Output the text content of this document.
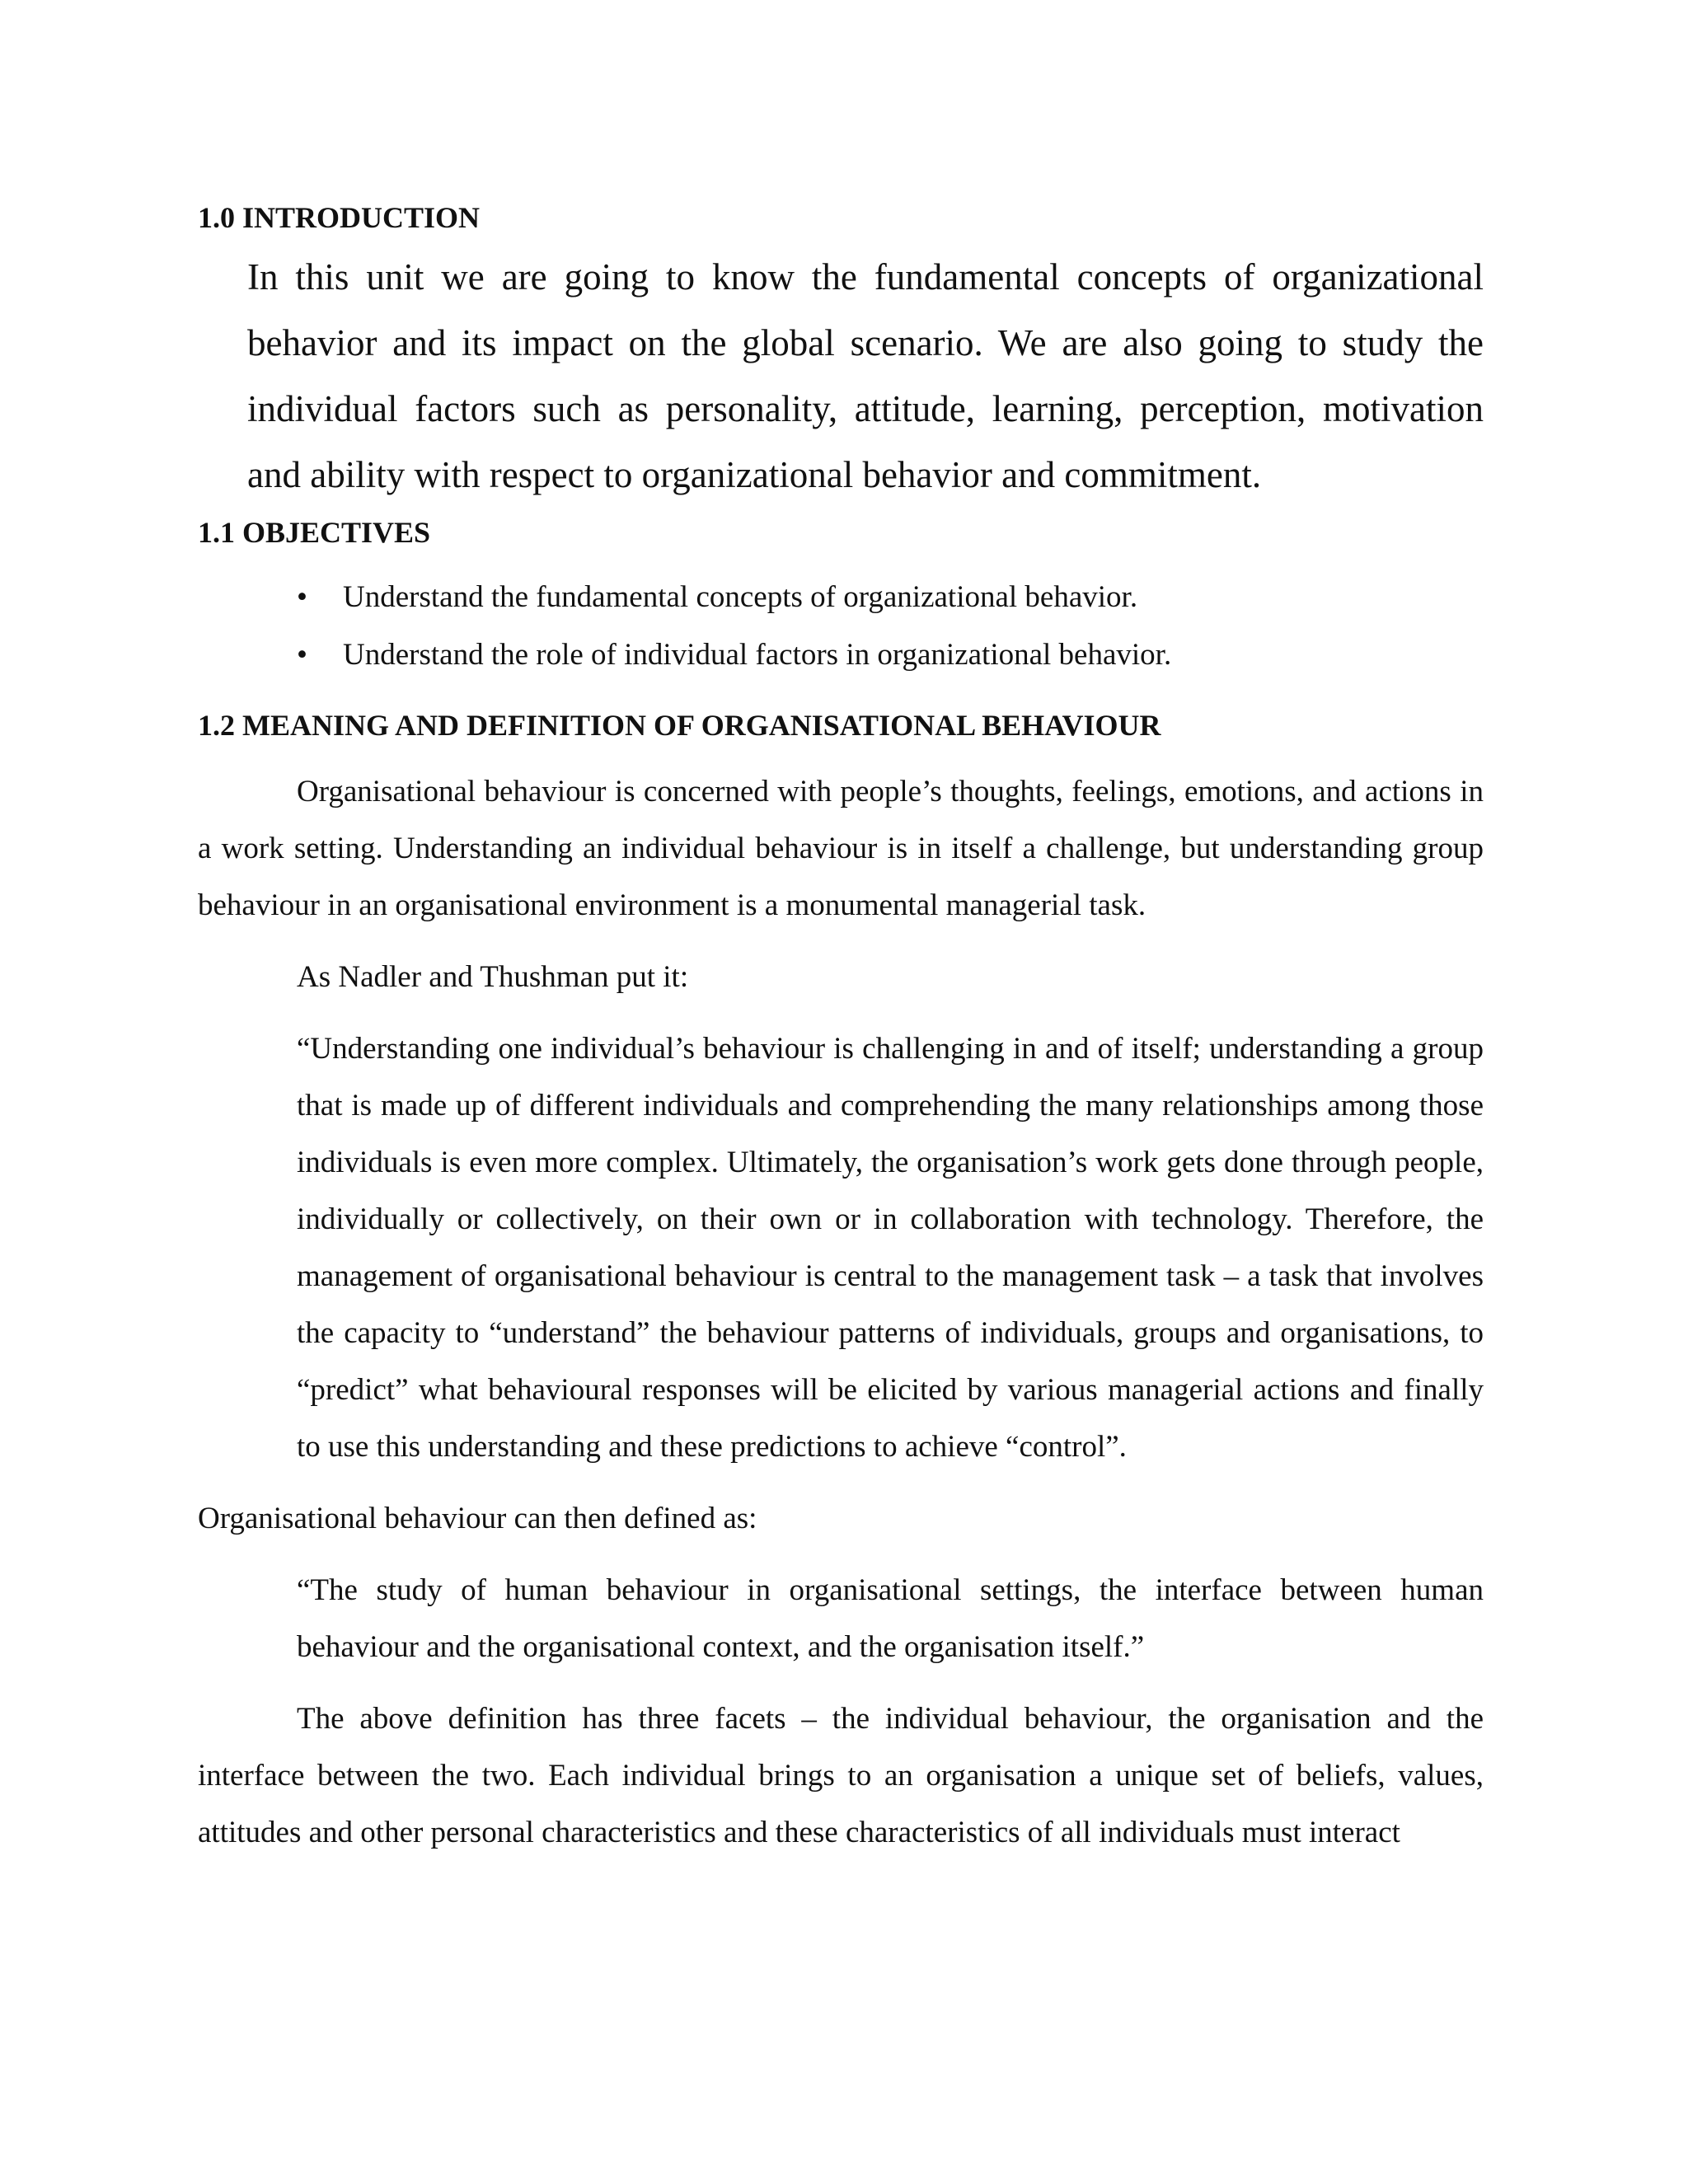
1.0 INTRODUCTION

In this unit we are going to know the fundamental concepts of organizational behavior and its impact on the global scenario. We are also going to study the individual factors such as personality, attitude, learning, perception, motivation and ability with respect to organizational behavior and commitment.

1.1 OBJECTIVES
• Understand the fundamental concepts of organizational behavior.
• Understand the role of individual factors in organizational behavior.
1.2 MEANING AND DEFINITION OF ORGANISATIONAL BEHAVIOUR

Organisational behaviour is concerned with people’s thoughts, feelings, emotions, and actions in a work setting. Understanding an individual behaviour is in itself a challenge, but understanding group behaviour in an organisational environment is a monumental managerial task.

As Nadler and Thushman put it:

“Understanding one individual’s behaviour is challenging in and of itself; understanding a group that is made up of different individuals and comprehending the many relationships among those individuals is even more complex. Ultimately, the organisation’s work gets done through people, individually or collectively, on their own or in collaboration with technology. Therefore, the management of organisational behaviour is central to the management task – a task that involves the capacity to “understand” the behaviour patterns of individuals, groups and organisations, to “predict” what behavioural responses will be elicited by various managerial actions and finally to use this understanding and these predictions to achieve “control”.

Organisational behaviour can then defined as:

“The study of human behaviour in organisational settings, the interface between human behaviour and the organisational context, and the organisation itself.”

The above definition has three facets – the individual behaviour, the organisation and the interface between the two. Each individual brings to an organisation a unique set of beliefs, values, attitudes and other personal characteristics and these characteristics of all individuals must interact
